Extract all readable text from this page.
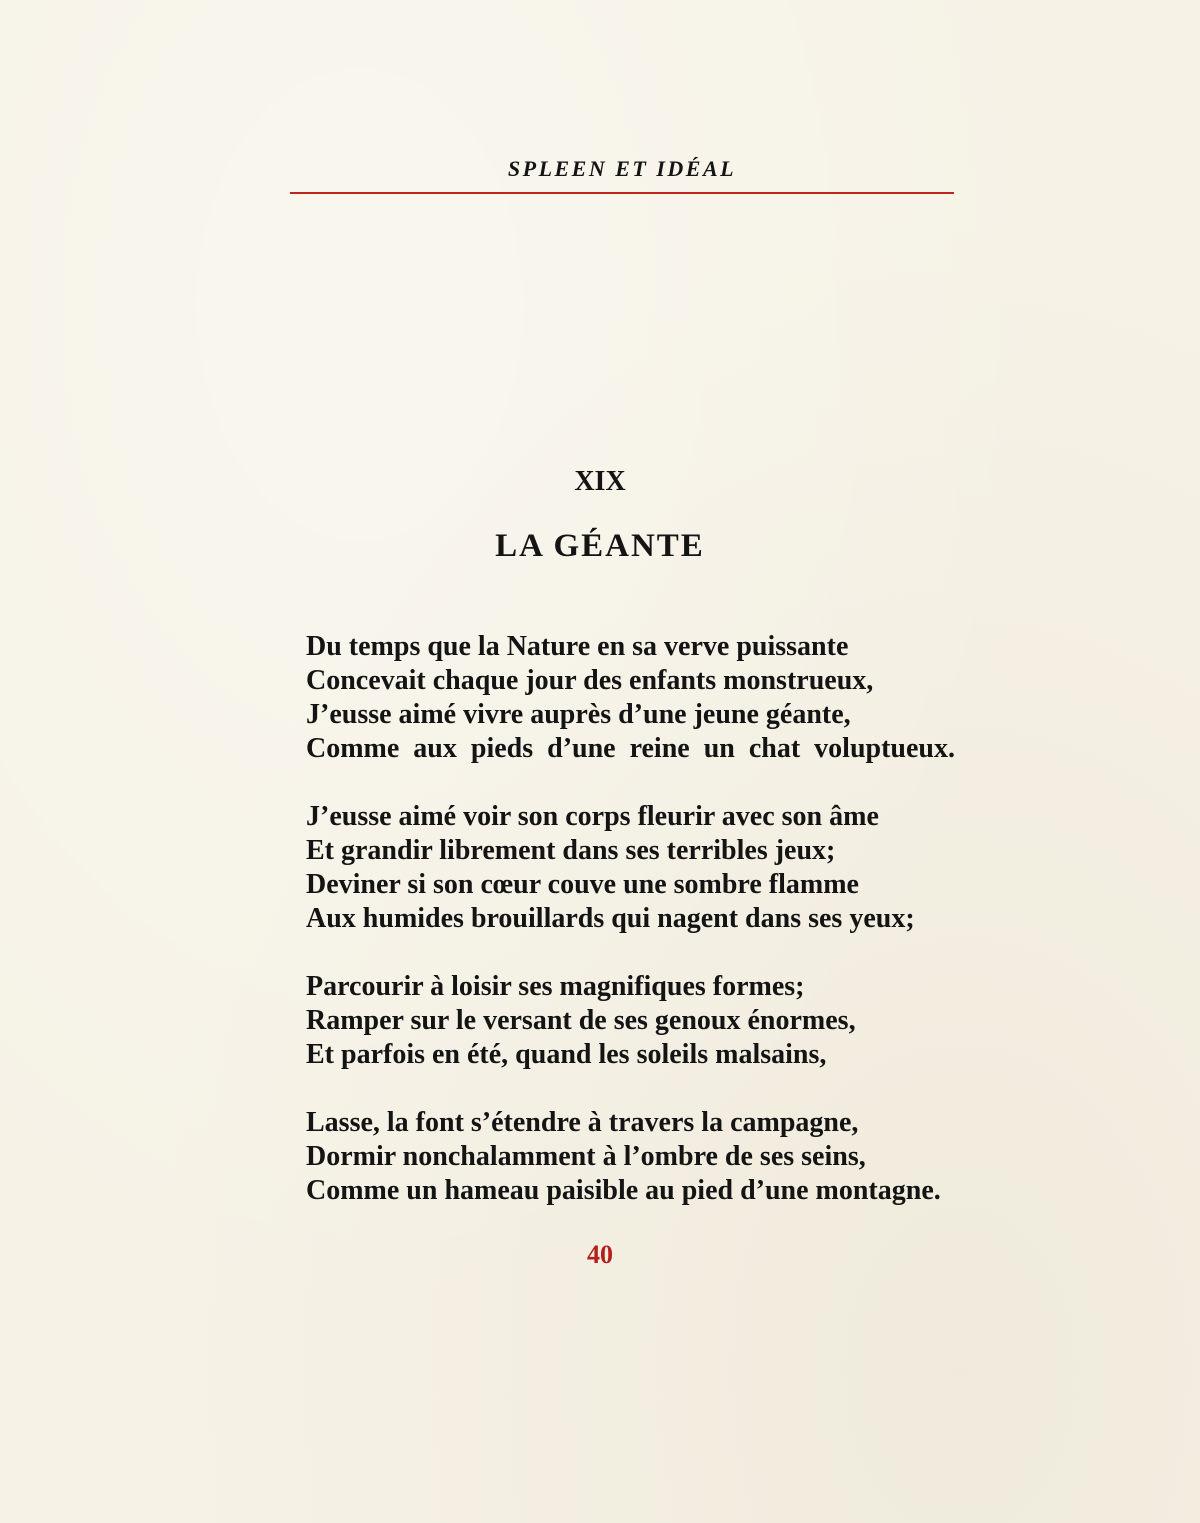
SPLEEN ET IDÉAL
XIX
LA GÉANTE
Du temps que la Nature en sa verve puissante
Concevait chaque jour des enfants monstrueux,
J’eusse aimé vivre auprès d’une jeune géante,
Comme aux pieds d’une reine un chat voluptueux.
J’eusse aimé voir son corps fleurir avec son âme
Et grandir librement dans ses terribles jeux;
Deviner si son cœur couve une sombre flamme
Aux humides brouillards qui nagent dans ses yeux;
Parcourir à loisir ses magnifiques formes;
Ramper sur le versant de ses genoux énormes,
Et parfois en été, quand les soleils malsains,
Lasse, la font s’étendre à travers la campagne,
Dormir nonchalamment à l’ombre de ses seins,
Comme un hameau paisible au pied d’une montagne.
40
